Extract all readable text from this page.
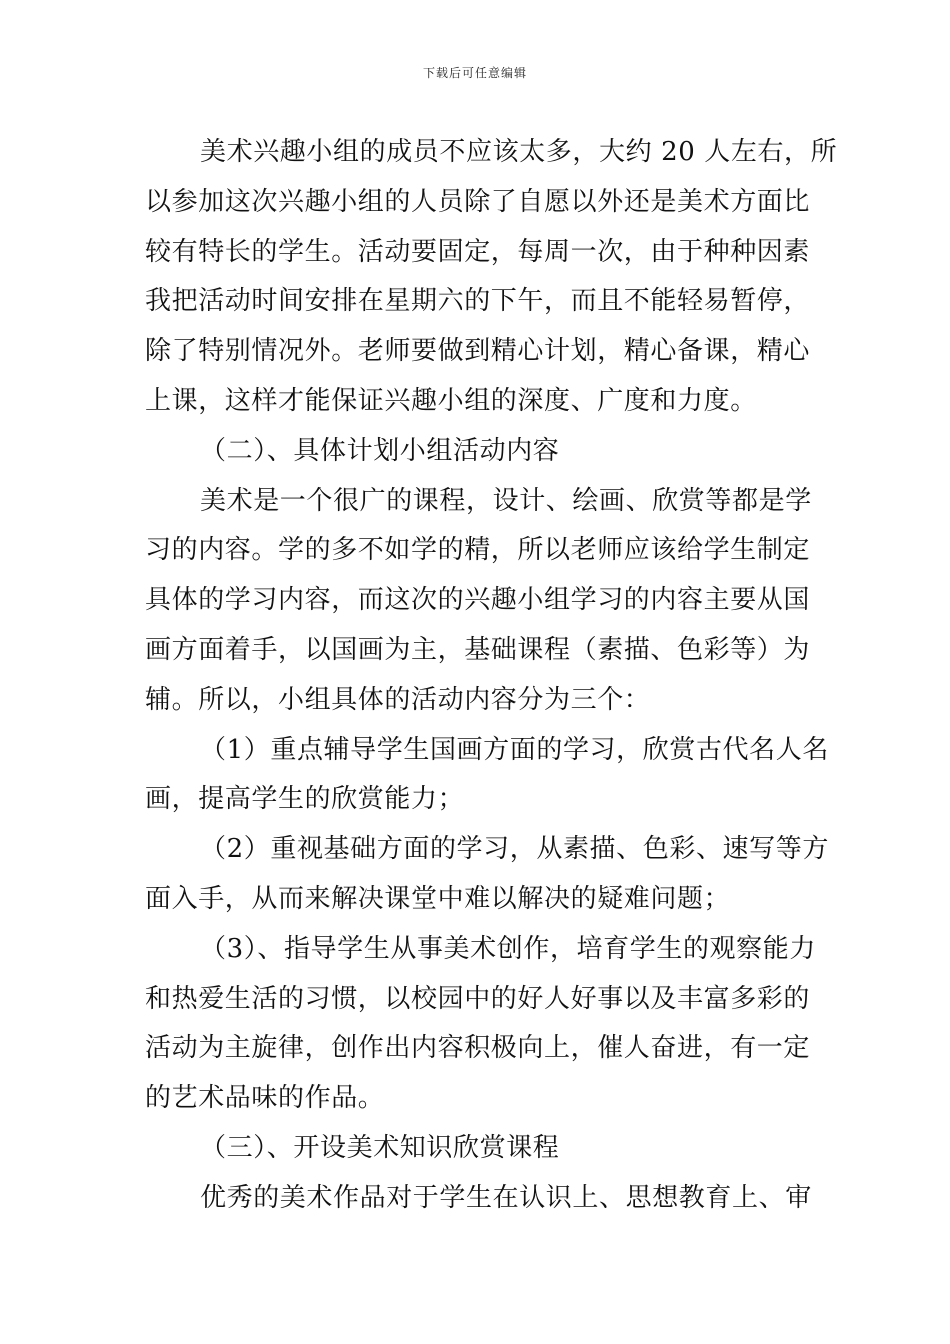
下载后可任意编辑
美术兴趣小组的成员不应该太多，大约 20 人左右，所
以参加这次兴趣小组的人员除了自愿以外还是美术方面比
较有特长的学生。活动要固定，每周一次，由于种种因素
我把活动时间安排在星期六的下午，而且不能轻易暂停，
除了特别情况外。老师要做到精心计划，精心备课，精心
上课，这样才能保证兴趣小组的深度、广度和力度。
（二）、具体计划小组活动内容
美术是一个很广的课程，设计、绘画、欣赏等都是学
习的内容。学的多不如学的精，所以老师应该给学生制定
具体的学习内容，而这次的兴趣小组学习的内容主要从国
画方面着手，以国画为主，基础课程（素描、色彩等）为
辅。所以，小组具体的活动内容分为三个：
（1）重点辅导学生国画方面的学习，欣赏古代名人名
画，提高学生的欣赏能力；
（2）重视基础方面的学习，从素描、色彩、速写等方
面入手，从而来解决课堂中难以解决的疑难问题；
（3）、指导学生从事美术创作，培育学生的观察能力
和热爱生活的习惯，以校园中的好人好事以及丰富多彩的
活动为主旋律，创作出内容积极向上，催人奋进，有一定
的艺术品味的作品。
（三）、开设美术知识欣赏课程
优秀的美术作品对于学生在认识上、思想教育上、审
